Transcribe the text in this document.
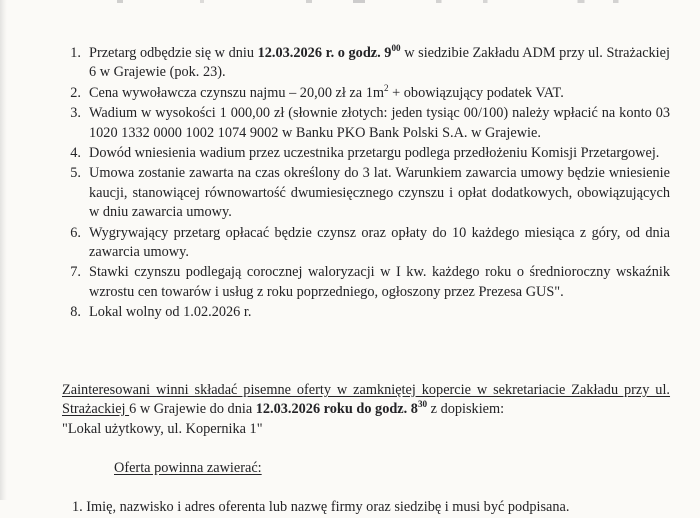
1. Przetarg odbędzie się w dniu 12.03.2026 r. o godz. $9^{00}$ w siedzibie Zakładu ADM przy ul. Strażackiej 6 w Grajewie (pok. 23).
2. Cena wywoławcza czynszu najmu – 20,00 zł za $1m^2$ + obowiązujący podatek VAT.
3. Wadium w wysokości 1 000,00 zł (słownie złotych: jeden tysiąc 00/100) należy wpłacić na konto 03 1020 1332 0000 1002 1074 9002 w Banku PKO Bank Polski S.A. w Grajewie.
4. Dowód wniesienia wadium przez uczestnika przetargu podlega przedłożeniu Komisji Przetargowej.
5. Umowa zostanie zawarta na czas określony do 3 lat. Warunkiem zawarcia umowy będzie wniesienie kaucji, stanowiącej równowartość dwumiesięcznego czynszu i opłat dodatkowych, obowiązujących w dniu zawarcia umowy.
6. Wygrywający przetarg opłacać będzie czynsz oraz opłaty do 10 każdego miesiąca z góry, od dnia zawarcia umowy.
7. Stawki czynszu podlegają corocznej waloryzacji w I kw. każdego roku o średnioroczny wskaźnik wzrostu cen towarów i usług z roku poprzedniego, ogłoszony przez Prezesa GUS".
8. Lokal wolny od 1.02.2026 r.

Zainteresowani winni składać pisemne oferty w zamkniętej kopercie w sekretariacie Zakładu przy ul. Strażackiej 6 w Grajewie do dnia 12.03.2026 roku do godz. $8^{30}$ z dopiskiem:

"Lokal użytkowy, ul. Kopernika 1"

Oferta powinna zawierać:

1. Imię, nazwisko i adres oferenta lub nazwę firmy oraz siedzibę i musi być podpisana.
